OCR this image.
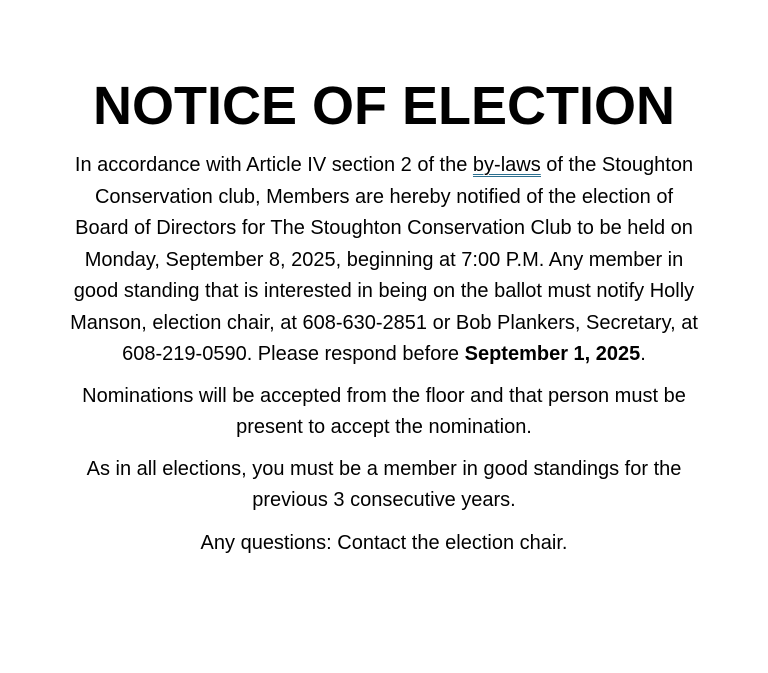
NOTICE OF ELECTION

In accordance with Article IV section 2 of the by-laws of the Stoughton Conservation club, Members are hereby notified of the election of Board of Directors for The Stoughton Conservation Club to be held on Monday, September 8, 2025, beginning at 7:00 P.M. Any member in good standing that is interested in being on the ballot must notify Holly Manson, election chair, at 608-630-2851 or Bob Plankers, Secretary, at 608-219-0590. Please respond before September 1, 2025.

Nominations will be accepted from the floor and that person must be present to accept the nomination.

As in all elections, you must be a member in good standings for the previous 3 consecutive years.

Any questions: Contact the election chair.
